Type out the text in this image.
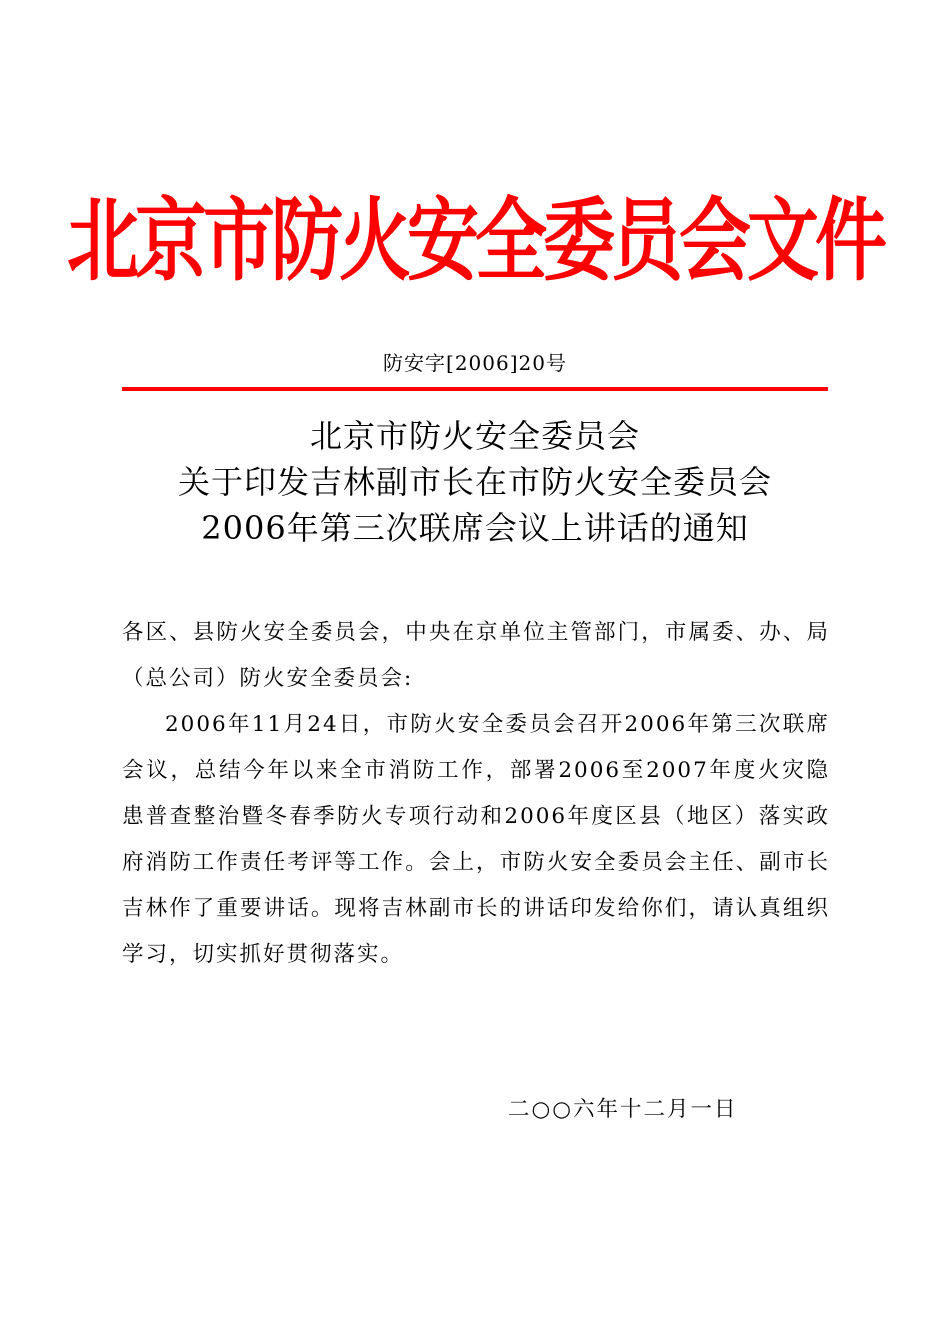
北京市防火安全委员会文件
防安字[2006]20号
北京市防火安全委员会
关于印发吉林副市长在市防火安全委员会
2006年第三次联席会议上讲话的通知

各区、县防火安全委员会，中央在京单位主管部门，市属委、办、局（总公司）防火安全委员会:

2006年11月24日，市防火安全委员会召开2006年第三次联席会议，总结今年以来全市消防工作，部署2006至2007年度火灾隐患普查整治暨冬春季防火专项行动和2006年度区县（地区）落实政府消防工作责任考评等工作。会上，市防火安全委员会主任、副市长吉林作了重要讲话。现将吉林副市长的讲话印发给你们，请认真组织学习，切实抓好贯彻落实。

二○○六年十二月一日
